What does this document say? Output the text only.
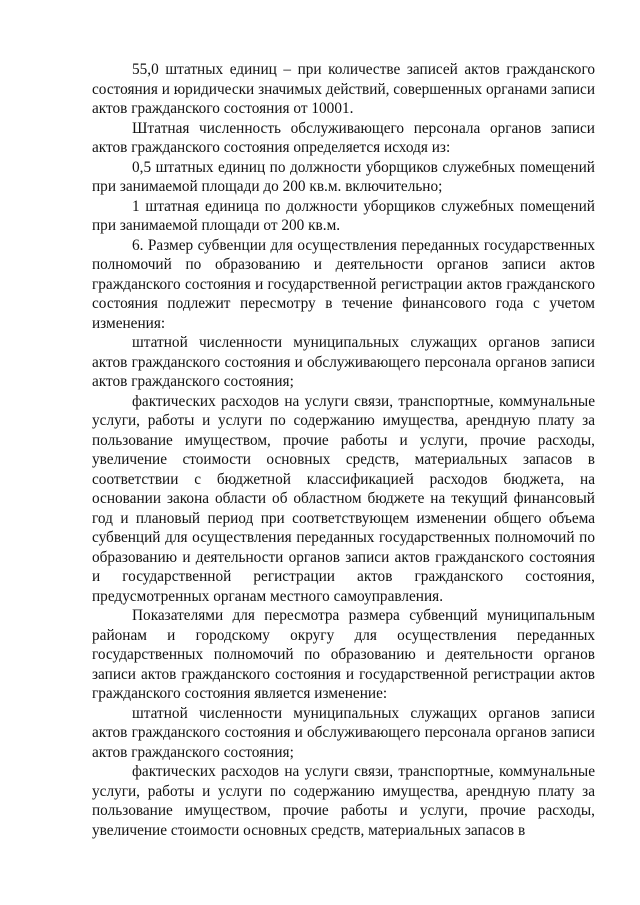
55,0 штатных единиц – при количестве записей актов гражданского состояния и юридически значимых действий, совершенных органами записи актов гражданского состояния от 10001.

Штатная численность обслуживающего персонала органов записи актов гражданского состояния определяется исходя из:

0,5 штатных единиц по должности уборщиков служебных помещений при занимаемой площади до 200 кв.м. включительно;

1 штатная единица по должности уборщиков служебных помещений при занимаемой площади от 200 кв.м.

6. Размер субвенции для осуществления переданных государственных полномочий по образованию и деятельности органов записи актов гражданского состояния и государственной регистрации актов гражданского состояния подлежит пересмотру в течение финансового года с учетом изменения:

штатной численности муниципальных служащих органов записи актов гражданского состояния и обслуживающего персонала органов записи актов гражданского состояния;

фактических расходов на услуги связи, транспортные, коммунальные услуги, работы и услуги по содержанию имущества, арендную плату за пользование имуществом, прочие работы и услуги, прочие расходы, увеличение стоимости основных средств, материальных запасов в соответствии с бюджетной классификацией расходов бюджета, на основании закона области об областном бюджете на текущий финансовый год и плановый период при соответствующем изменении общего объема субвенций для осуществления переданных государственных полномочий по образованию и деятельности органов записи актов гражданского состояния и государственной регистрации актов гражданского состояния, предусмотренных органам местного самоуправления.

Показателями для пересмотра размера субвенций муниципальным районам и городскому округу для осуществления переданных государственных полномочий по образованию и деятельности органов записи актов гражданского состояния и государственной регистрации актов гражданского состояния является изменение:

штатной численности муниципальных служащих органов записи актов гражданского состояния и обслуживающего персонала органов записи актов гражданского состояния;

фактических расходов на услуги связи, транспортные, коммунальные услуги, работы и услуги по содержанию имущества, арендную плату за пользование имуществом, прочие работы и услуги, прочие расходы, увеличение стоимости основных средств, материальных запасов в
